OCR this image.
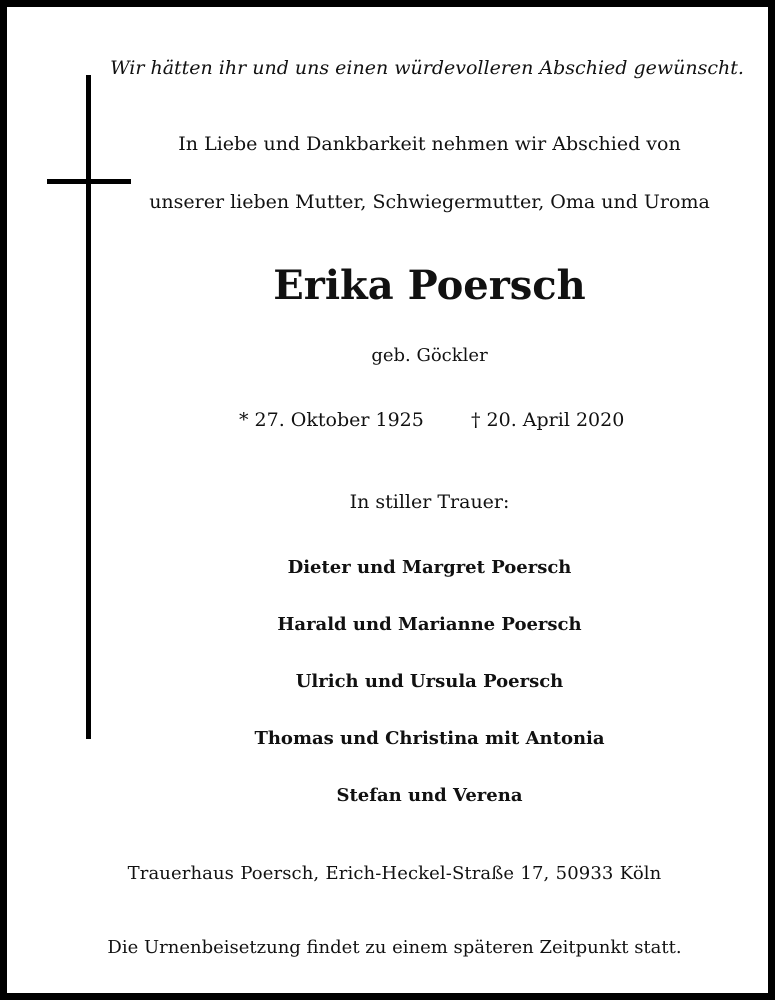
Wir hätten ihr und uns einen würdevolleren Abschied gewünscht.
In Liebe und Dankbarkeit nehmen wir Abschied von
unserer lieben Mutter, Schwiegermutter, Oma und Uroma
Erika Poersch
geb. Göckler
* 27. Oktober 1925 † 20. April 2020
In stiller Trauer:
Dieter und Margret Poersch
Harald und Marianne Poersch
Ulrich und Ursula Poersch
Thomas und Christina mit Antonia
Stefan und Verena
Trauerhaus Poersch, Erich-Heckel-Straße 17, 50933 Köln
Die Urnenbeisetzung findet zu einem späteren Zeitpunkt statt.
